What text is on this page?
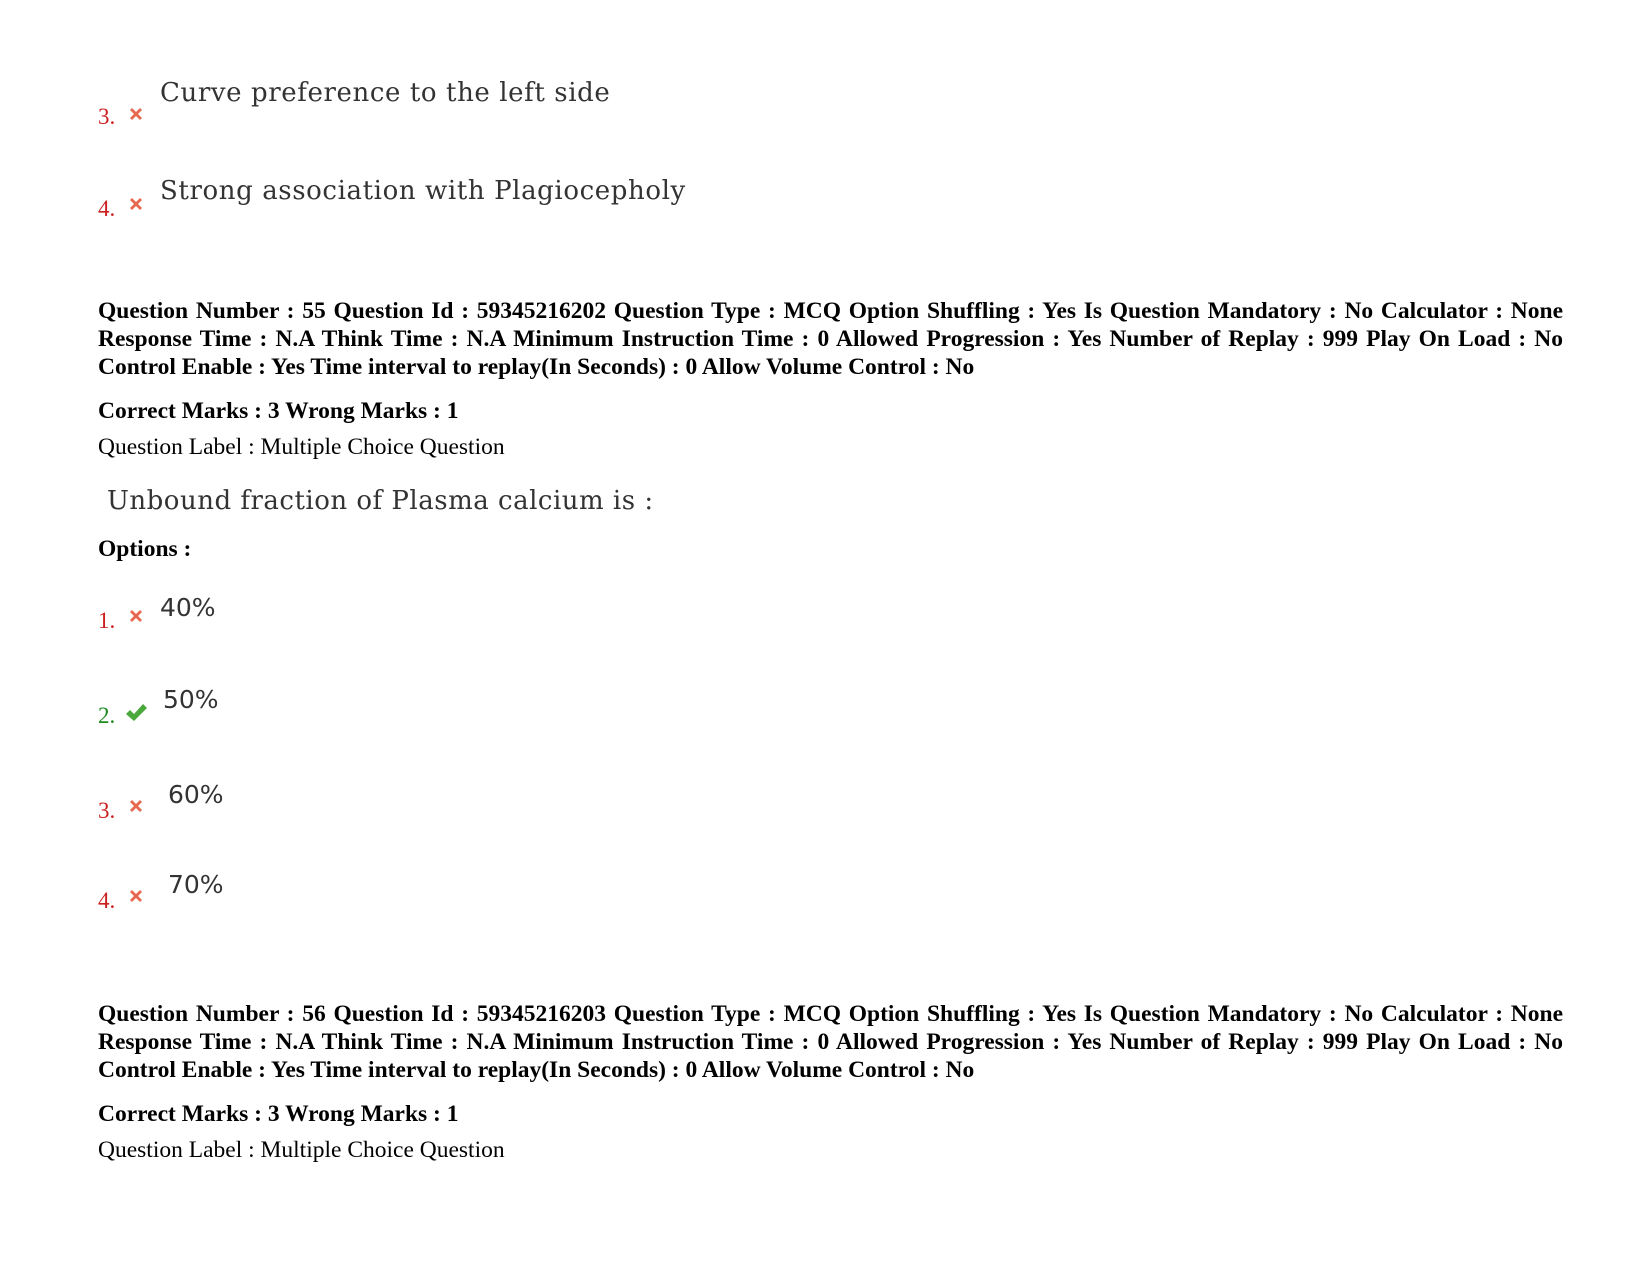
3.
Curve preference to the left side
4.
Strong association with Plagiocepholy
Question Number : 55 Question Id : 59345216202 Question Type : MCQ Option Shuffling : Yes Is Question Mandatory : No Calculator : None Response Time : N.A Think Time : N.A Minimum Instruction Time : 0 Allowed Progression : Yes Number of Replay : 999 Play On Load : No Control Enable : Yes Time interval to replay(In Seconds) : 0 Allow Volume Control : No
Correct Marks : 3 Wrong Marks : 1
Question Label : Multiple Choice Question
Unbound fraction of Plasma calcium is :
Options :
1. 40%
2.
50%
3.
60%
4.
70%
Question Number : 56 Question Id : 59345216203 Question Type : MCQ Option Shuffling : Yes Is Question Mandatory : No Calculator : None Response Time : N.A Think Time : N.A Minimum Instruction Time : 0 Allowed Progression : Yes Number of Replay : 999 Play On Load : No Control Enable : Yes Time interval to replay(In Seconds) : 0 Allow Volume Control : No
Correct Marks : 3 Wrong Marks : 1
Question Label : Multiple Choice Question
